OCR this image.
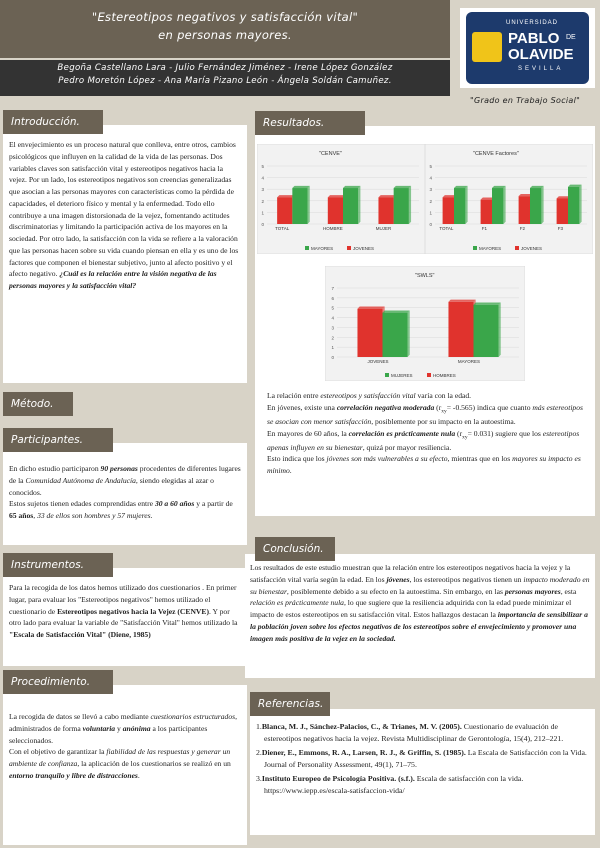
"Estereotipos negativos y satisfacción vital"
en personas mayores.
Begoña Castellano Lara - Julio Fernández Jiménez - Irene López González
Pedro Moretón López - Ana María Pizano León - Ángela Soldán Camuñez.
UNIVERSIDAD
PABLO DE
OLAVIDE
SEVILLA
"Grado en Trabajo Social"
El envejecimiento es un proceso natural que conlleva, entre otros, cambios psicológicos que influyen en la calidad de la vida de las personas. Dos variables claves son satisfacción vital y estereotipos negativos hacia la vejez. Por un lado, los estereotipos negativos son creencias generalizadas que asocian a las personas mayores con características como la pérdida de capacidades, el deterioro físico y mental y la enfermedad. Todo ello contribuye a una imagen distorsionada de la vejez, fomentando actitudes discriminatorias y limitando la participación activa de los mayores en la sociedad. Por otro lado, la satisfacción con la vida se refiere a la valoración que las personas hacen sobre su vida cuando piensan en ella y es uno de los factores que componen el bienestar subjetivo, junto al afecto positivo y el afecto negativo. ¿Cuál es la relación entre la visión negativa de las personas mayores y la satisfacción vital?
Introducción.
Método.
En dicho estudio participaron 90 personas procedentes de diferentes lugares de la Comunidad Autónoma de Andalucía, siendo elegidas al azar o conocidos.
Estos sujetos tienen edades comprendidas entre 30 a 60 años y a partir de 65 años, 33 de ellos son hombres y 57 mujeres.
Participantes.
Para la recogida de los datos hemos utilizado dos cuestionarios . En primer lugar, para evaluar los "Estereotipos negativos" hemos utilizado el cuestionario de Estereotipos negativos hacia la Vejez (CENVE). Y por otro lado para evaluar la variable de "Satisfacción Vital" hemos utilizado la "Escala de Satisfacción Vital" (Diene, 1985)
Instrumentos.
La recogida de datos se llevó a cabo mediante cuestionarios estructurados, administrados de forma voluntaria y anónima a los participantes seleccionados.
Con el objetivo de garantizar la fiabilidad de las respuestas y generar un ambiente de confianza, la aplicación de los cuestionarios se realizó en un entorno tranquilo y libre de distracciones.
Procedimiento.
"CENVE"
0
1
2
3
4
5
TOTAL	HOMBRE	MUJER
MAYORES	JOVENES
"CENVE Factores"
0
1
2
3
4
5
TOTAL	F1	F2	F3
MAYORES	JOVENES
"SWLS"
0
1
2
3
4
5
6
7
JOVENES	MAYORES
MUJERES	HOMBRES
La relación entre estereotipos y satisfacción vital varía con la edad.
En jóvenes, existe una correlación negativa moderada $(r_{xy}= -0.565)$ indica que cuanto más estereotipos se asocian con menor satisfacción, posiblemente por su impacto en la autoestima.
En mayores de 60 años, la correlación es prácticamente nula $(r_{xy}= 0.031)$ sugiere que los estereotipos apenas influyen en su bienestar, quizá por mayor resiliencia.
Esto indica que los jóvenes son más vulnerables a su efecto, mientras que en los mayores su impacto es mínimo.
Resultados.
Los resultados de este estudio muestran que la relación entre los estereotipos negativos hacia la vejez y la satisfacción vital varía según la edad. En los jóvenes, los estereotipos negativos tienen un impacto moderado en su bienestar, posiblemente debido a su efecto en la autoestima. Sin embargo, en las personas mayores, esta relación es prácticamente nula, lo que sugiere que la resiliencia adquirida con la edad puede minimizar el impacto de estos estereotipos en su satisfacción vital. Estos hallazgos destacan la importancia de sensibilizar a la población joven sobre los efectos negativos de los estereotipos sobre el envejecimiento y promover una imagen más positiva de la vejez en la sociedad.
Conclusión.
1.Blanca, M. J., Sánchez-Palacios, C., & Trianes, M. V. (2005). Cuestionario de evaluación de estereotipos negativos hacia la vejez. Revista Multidisciplinar de Gerontología, 15(4), 212–221.
2.Diener, E., Emmons, R. A., Larsen, R. J., & Griffin, S. (1985). La Escala de Satisfacción con la Vida. Journal of Personality Assessment, 49(1), 71–75.
3.Instituto Europeo de Psicología Positiva. (s.f.). Escala de satisfacción con la vida. https://www.iepp.es/escala-satisfaccion-vida/
Referencias.
